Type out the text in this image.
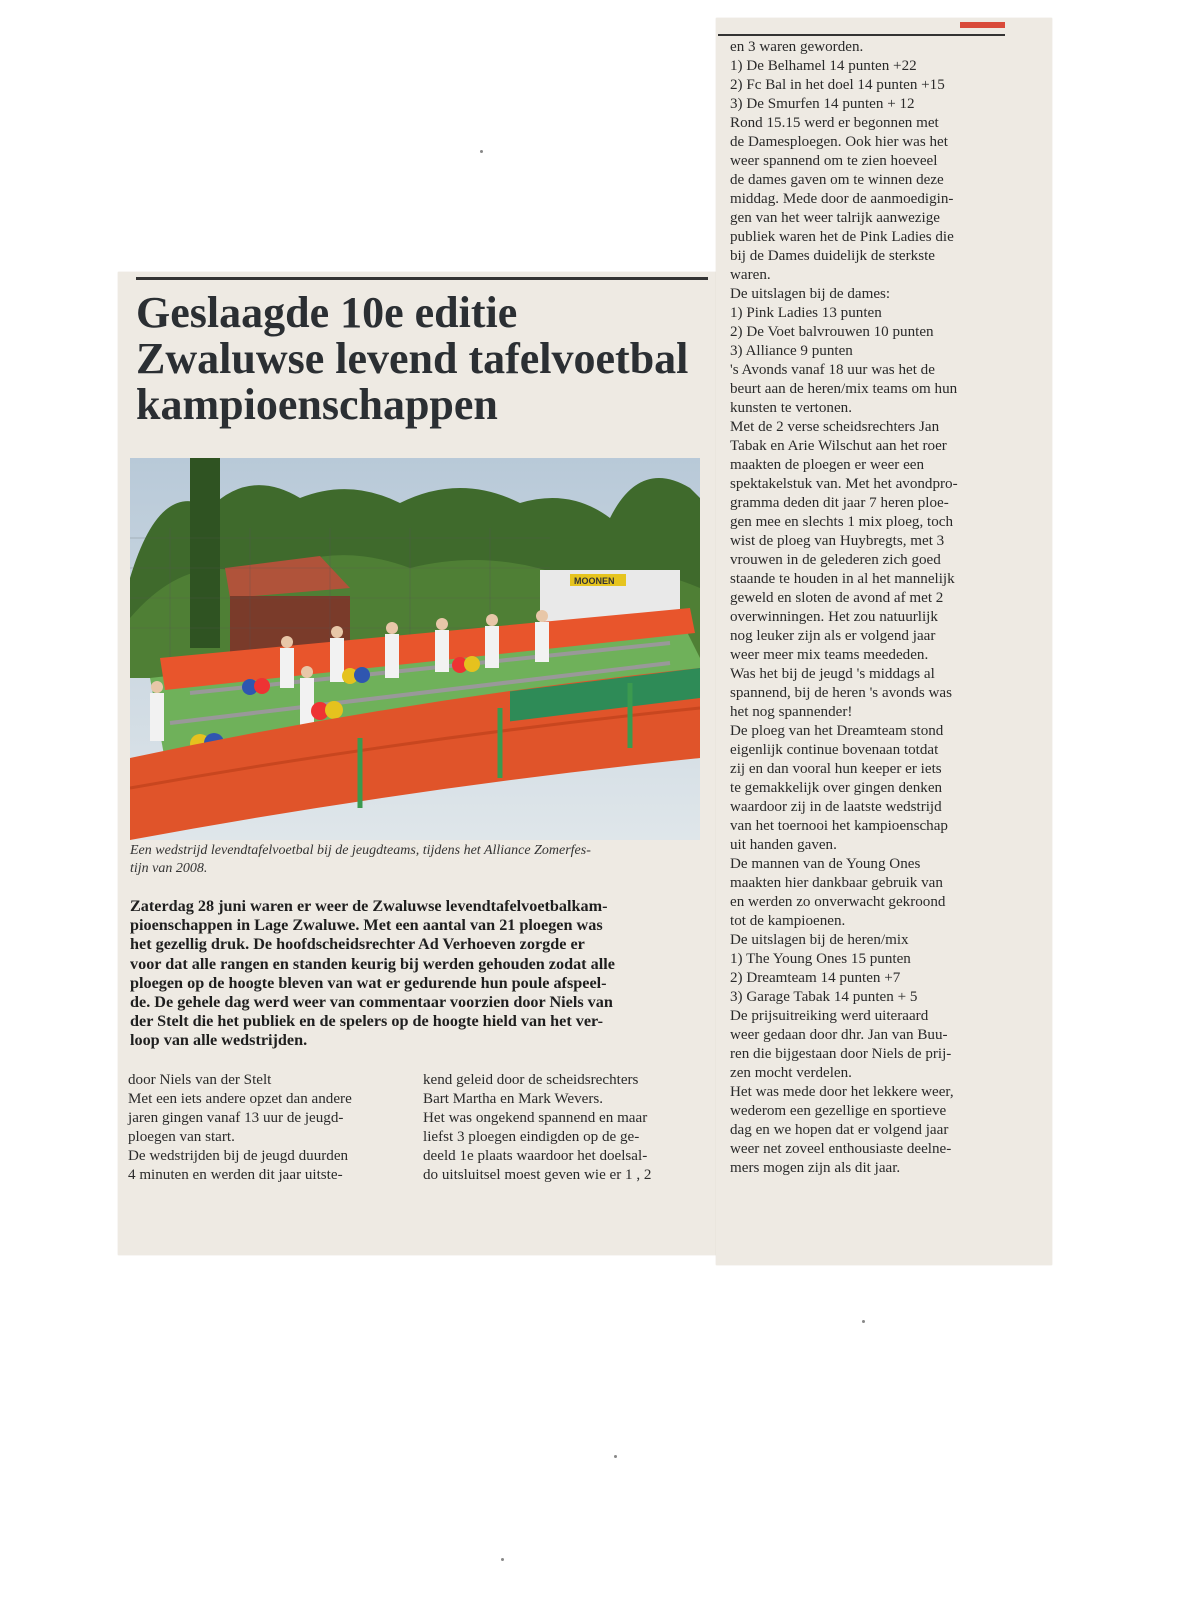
Geslaagde 10e editie
Zwaluwse levend tafelvoetbal
kampioenschappen
MOONEN
Een wedstrijd levendtafelvoetbal bij de jeugdteams, tijdens het Alliance Zomerfes-
tijn van 2008.
Zaterdag 28 juni waren er weer de Zwaluwse levendtafelvoetbalkam-
pioenschappen in Lage Zwaluwe. Met een aantal van 21 ploegen was
het gezellig druk. De hoofdscheidsrechter Ad Verhoeven zorgde er
voor dat alle rangen en standen keurig bij werden gehouden zodat alle
ploegen op de hoogte bleven van wat er gedurende hun poule afspeel-
de. De gehele dag werd weer van commentaar voorzien door Niels van
der Stelt die het publiek en de spelers op de hoogte hield van het ver-
loop van alle wedstrijden.
door Niels van der Stelt
Met een iets andere opzet dan andere
jaren gingen vanaf 13 uur de jeugd-
ploegen van start.
De wedstrijden bij de jeugd duurden
4 minuten en werden dit jaar uitste-
kend geleid door de scheidsrechters
Bart Martha en Mark Wevers.
Het was ongekend spannend en maar
liefst 3 ploegen eindigden op de ge-
deeld 1e plaats waardoor het doelsal-
do uitsluitsel moest geven wie er 1 , 2
en 3 waren geworden.
1) De Belhamel 14 punten +22
2) Fc Bal in het doel 14 punten +15
3) De Smurfen 14 punten + 12
Rond 15.15 werd er begonnen met
de Damesploegen. Ook hier was het
weer spannend om te zien hoeveel
de dames gaven om te winnen deze
middag. Mede door de aanmoedigin-
gen van het weer talrijk aanwezige
publiek waren het de Pink Ladies die
bij de Dames duidelijk de sterkste
waren.
De uitslagen bij de dames:
1) Pink Ladies 13 punten
2) De Voet balvrouwen 10 punten
3) Alliance 9 punten
's Avonds vanaf 18 uur was het de
beurt aan de heren/mix teams om hun
kunsten te vertonen.
Met de 2 verse scheidsrechters Jan
Tabak en Arie Wilschut aan het roer
maakten de ploegen er weer een
spektakelstuk van. Met het avondpro-
gramma deden dit jaar 7 heren ploe-
gen mee en slechts 1 mix ploeg, toch
wist de ploeg van Huybregts, met 3
vrouwen in de gelederen zich goed
staande te houden in al het mannelijk
geweld en sloten de avond af met 2
overwinningen. Het zou natuurlijk
nog leuker zijn als er volgend jaar
weer meer mix teams meededen.
Was het bij de jeugd 's middags al
spannend, bij de heren 's avonds was
het nog spannender!
De ploeg van het Dreamteam stond
eigenlijk continue bovenaan totdat
zij en dan vooral hun keeper er iets
te gemakkelijk over gingen denken
waardoor zij in de laatste wedstrijd
van het toernooi het kampioenschap
uit handen gaven.
De mannen van de Young Ones
maakten hier dankbaar gebruik van
en werden zo onverwacht gekroond
tot de kampioenen.
De uitslagen bij de heren/mix
1) The Young Ones 15 punten
2) Dreamteam 14 punten +7
3) Garage Tabak 14 punten + 5
De prijsuitreiking werd uiteraard
weer gedaan door dhr. Jan van Buu-
ren die bijgestaan door Niels de prij-
zen mocht verdelen.
Het was mede door het lekkere weer,
wederom een gezellige en sportieve
dag en we hopen dat er volgend jaar
weer net zoveel enthousiaste deelne-
mers mogen zijn als dit jaar.
